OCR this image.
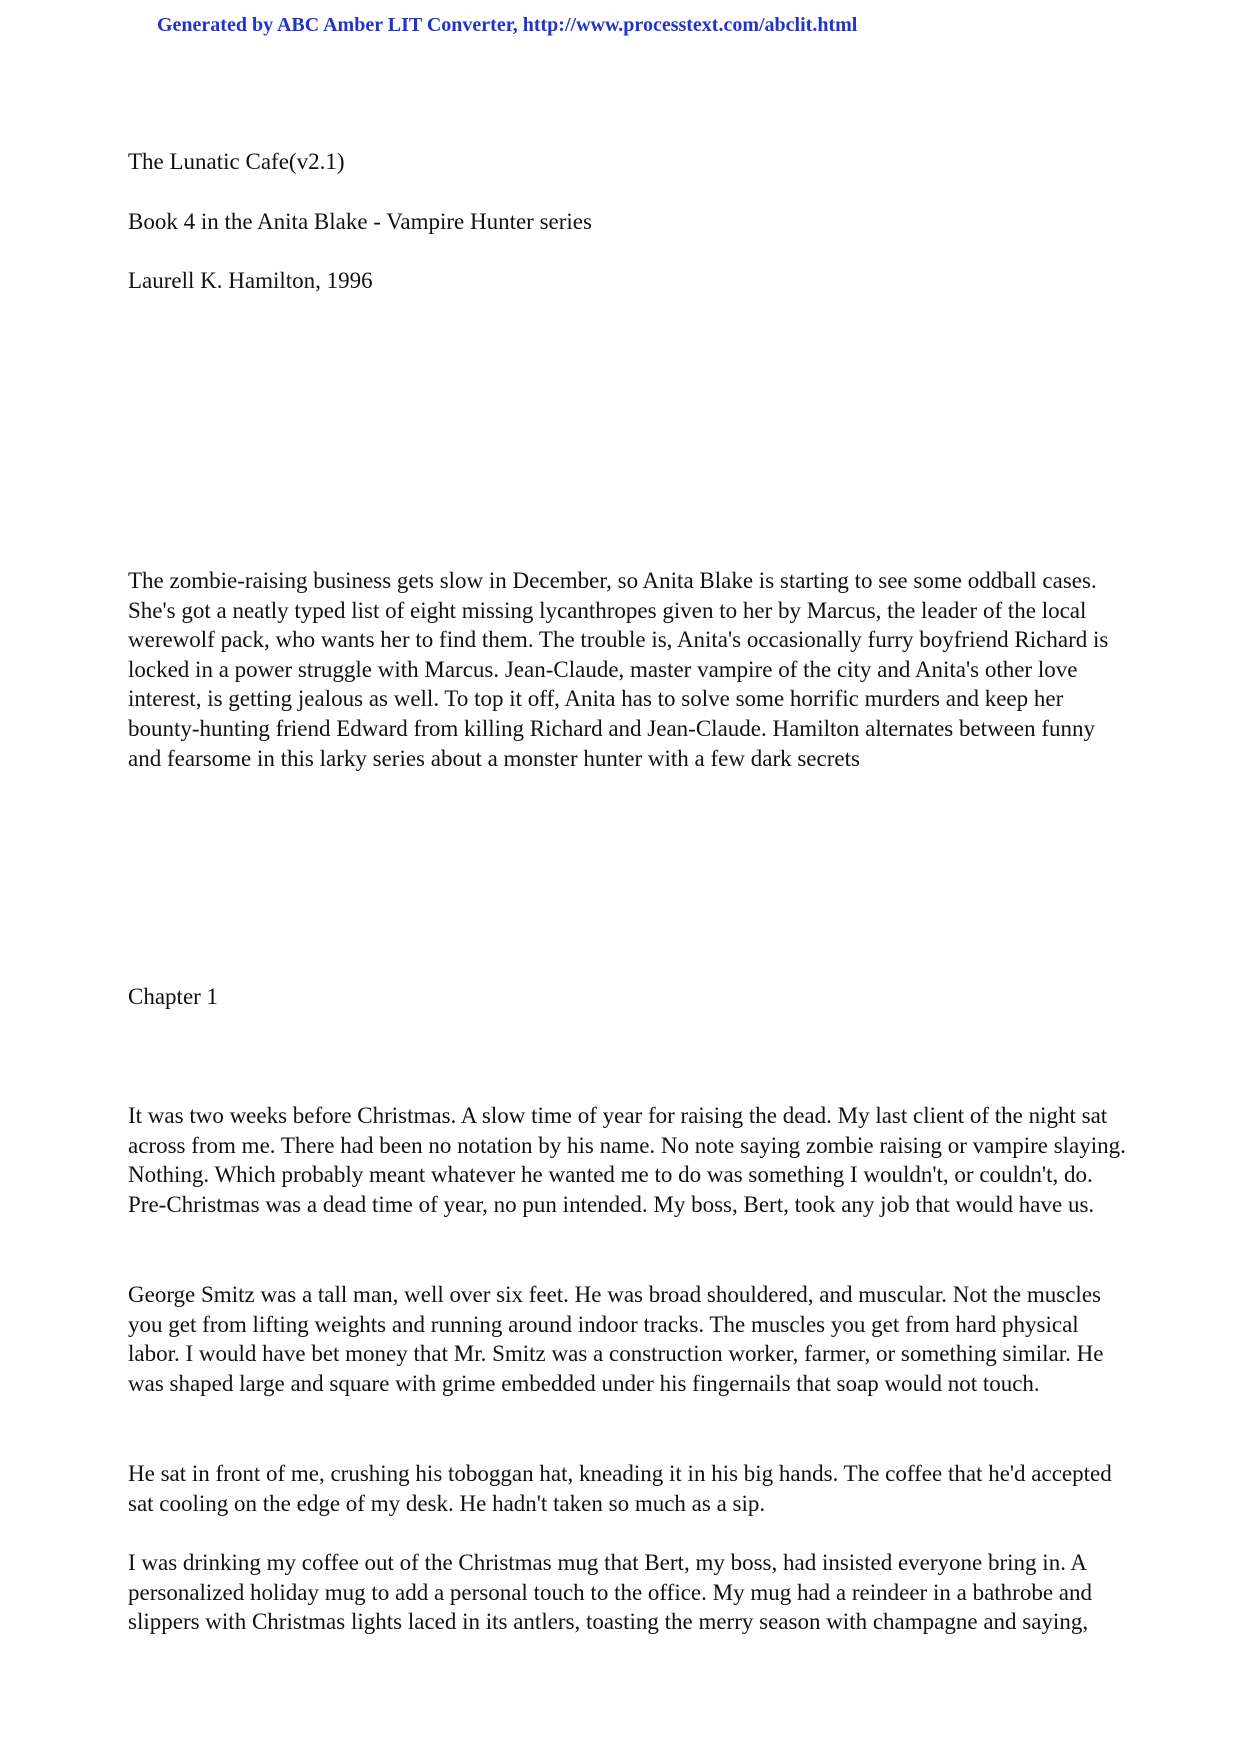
Generated by ABC Amber LIT Converter, http://www.processtext.com/abclit.html
The Lunatic Cafe(v2.1)
Book 4 in the Anita Blake - Vampire Hunter series
Laurell K. Hamilton, 1996

The zombie-raising business gets slow in December, so Anita Blake is starting to see some oddball cases. She's got a neatly typed list of eight missing lycanthropes given to her by Marcus, the leader of the local werewolf pack, who wants her to find them. The trouble is, Anita's occasionally furry boyfriend Richard is locked in a power struggle with Marcus. Jean-Claude, master vampire of the city and Anita's other love interest, is getting jealous as well. To top it off, Anita has to solve some horrific murders and keep her bounty-hunting friend Edward from killing Richard and Jean-Claude. Hamilton alternates between funny and fearsome in this larky series about a monster hunter with a few dark secrets

Chapter 1

It was two weeks before Christmas. A slow time of year for raising the dead. My last client of the night sat across from me. There had been no notation by his name. No note saying zombie raising or vampire slaying. Nothing. Which probably meant whatever he wanted me to do was something I wouldn't, or couldn't, do. Pre-Christmas was a dead time of year, no pun intended. My boss, Bert, took any job that would have us.

George Smitz was a tall man, well over six feet. He was broad shouldered, and muscular. Not the muscles you get from lifting weights and running around indoor tracks. The muscles you get from hard physical labor. I would have bet money that Mr. Smitz was a construction worker, farmer, or something similar. He was shaped large and square with grime embedded under his fingernails that soap would not touch.

He sat in front of me, crushing his toboggan hat, kneading it in his big hands. The coffee that he'd accepted sat cooling on the edge of my desk. He hadn't taken so much as a sip.

I was drinking my coffee out of the Christmas mug that Bert, my boss, had insisted everyone bring in. A personalized holiday mug to add a personal touch to the office. My mug had a reindeer in a bathrobe and slippers with Christmas lights laced in its antlers, toasting the merry season with champagne and saying,
